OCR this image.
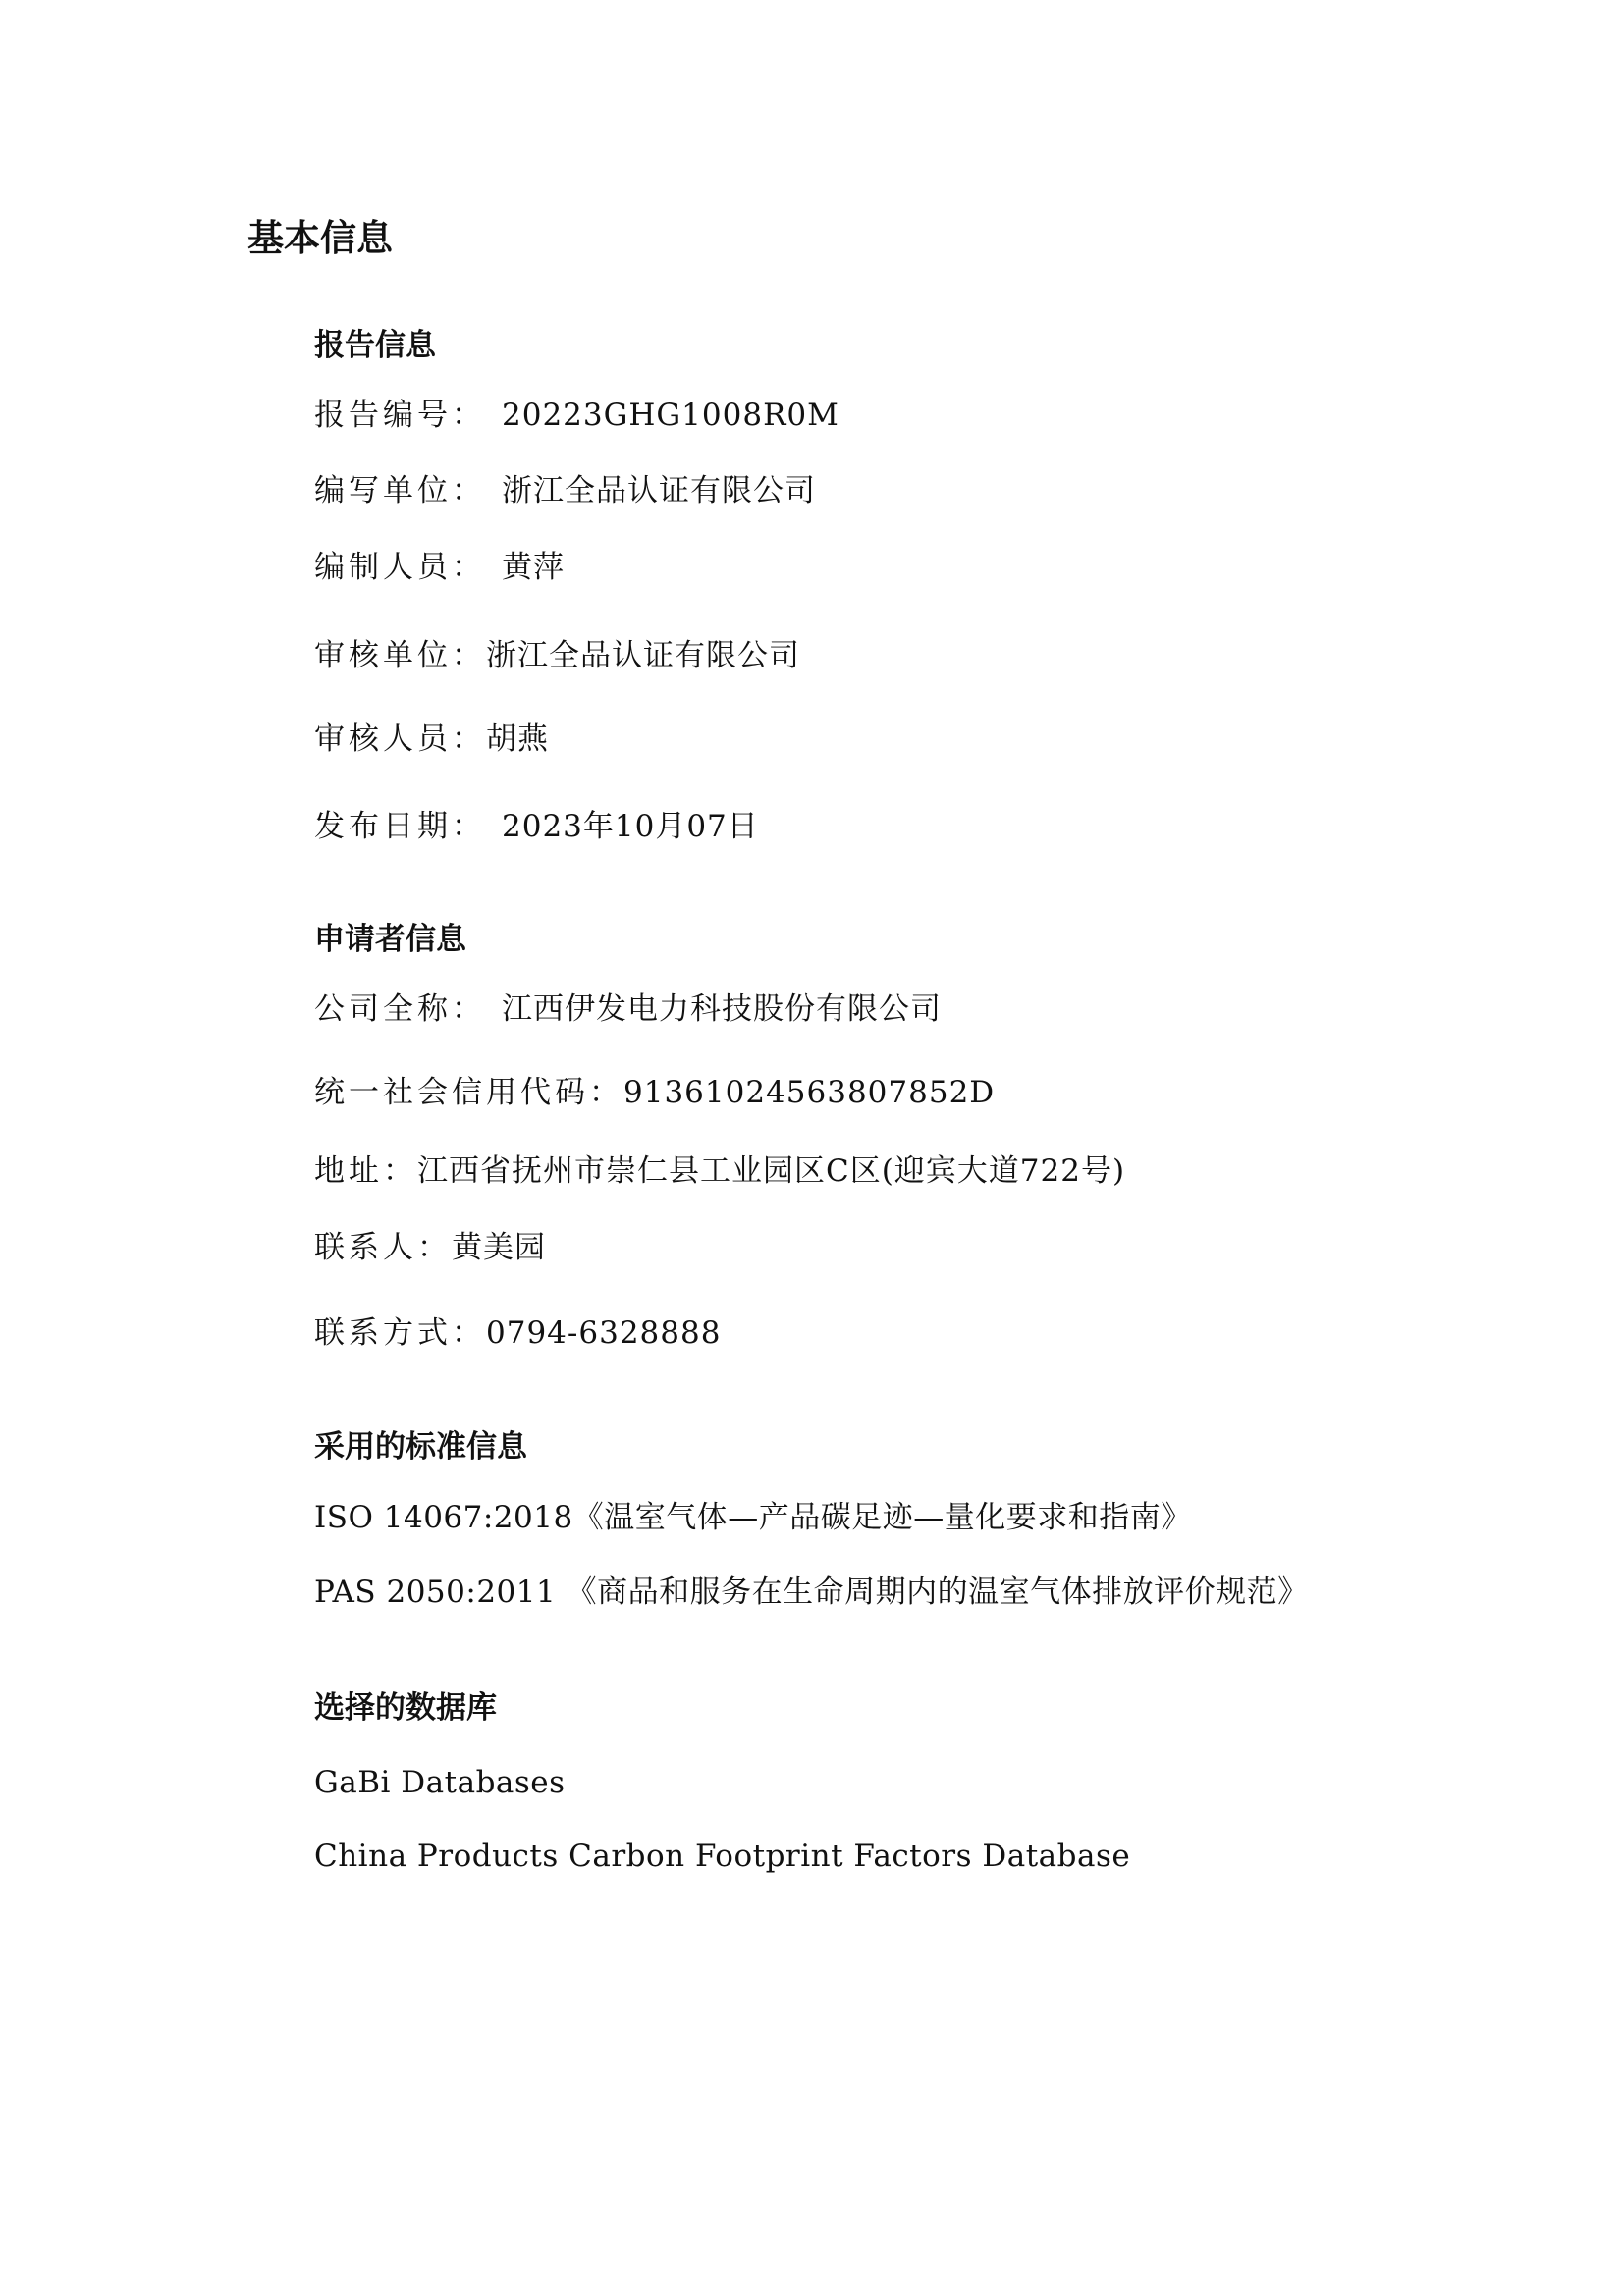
基本信息
报告信息
报告编号： 20223GHG1008R0M
编写单位： 浙江全品认证有限公司
编制人员： 黄萍
审核单位：浙江全品认证有限公司
审核人员：胡燕
发布日期： 2023年10月07日
申请者信息
公司全称： 江西伊发电力科技股份有限公司
统一社会信用代码：91361024563807852D
地址：江西省抚州市崇仁县工业园区C区(迎宾大道722号)
联系人：黄美园
联系方式：0794-6328888
采用的标准信息
ISO 14067:2018《温室气体—产品碳足迹—量化要求和指南》
PAS 2050:2011 《商品和服务在生命周期内的温室气体排放评价规范》
选择的数据库
GaBi Databases
China Products Carbon Footprint Factors Database
